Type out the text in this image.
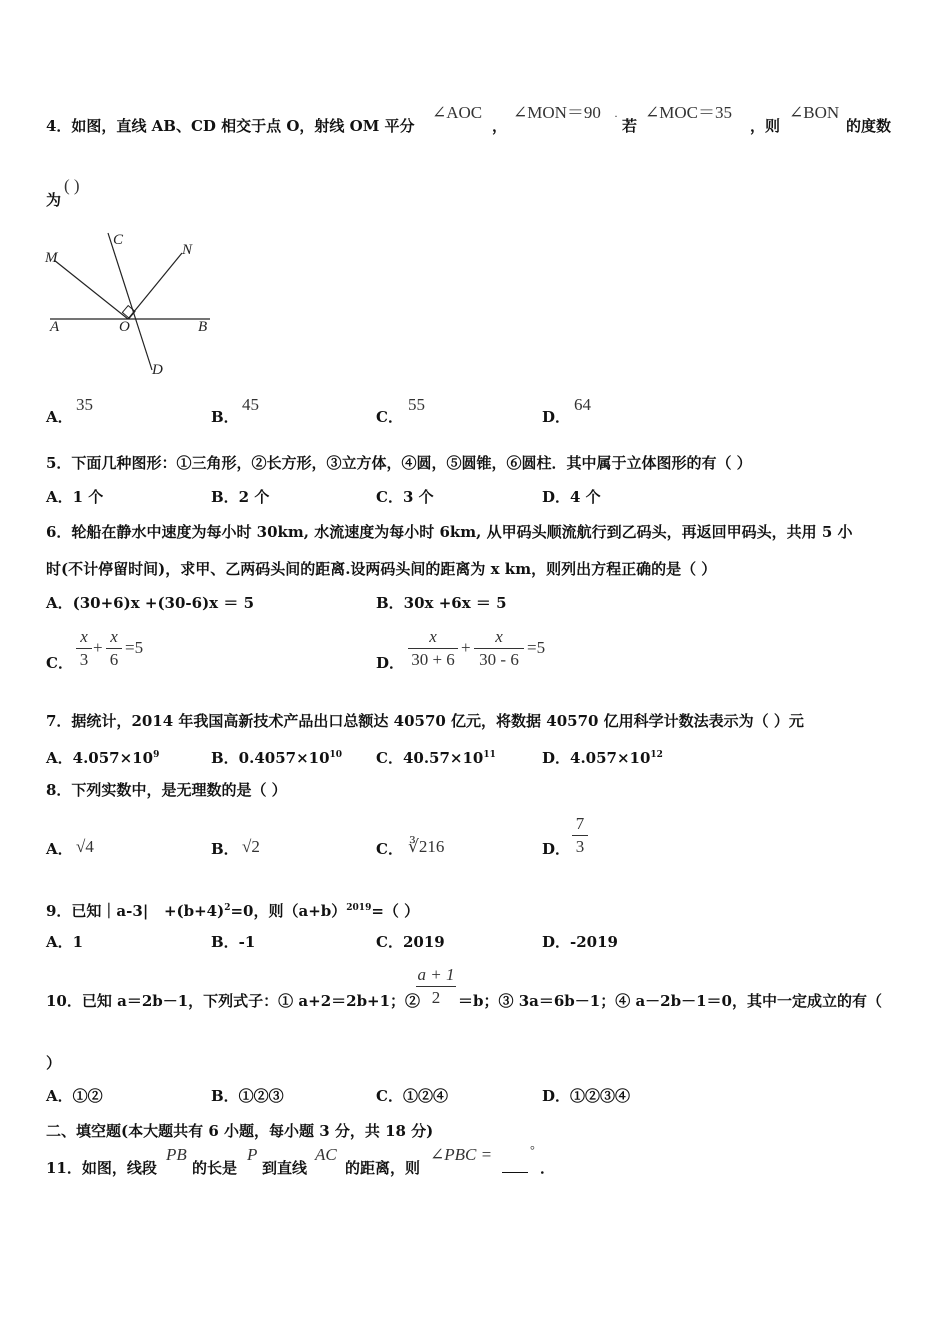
4．如图，直线 AB、CD 相交于点 O，射线 OM 平分
∠AOC
，
∠MON＝90 ·
若
∠MOC＝35
，则
∠BON
的度数
为
( )
M
C
N
A	O	B
D
A．
35
B．
45
C．
55
D．
64
5．下面几种图形：①三角形，②长方形，③立方体，④圆，⑤圆锥，⑥圆柱．其中属于立体图形的有（ ）
A．1 个	B．2 个	C．3 个	D．4 个
6．轮船在静水中速度为每小时 30km, 水流速度为每小时 6km, 从甲码头顺流航行到乙码头，再返回甲码头，共用 5 小
时(不计停留时间)，求甲、乙两码头间的距离.设两码头间的距离为 x km，则列出方程正确的是（ ）
A．(30+6)x +(30-6)x ＝ 5	B．30x +6x ＝ 5
C．
x
3
+
x
6
=5
D．
x
30 + 6
+
x
30 - 6
=5
7．据统计，2014 年我国高新技术产品出口总额达 40570 亿元，将数据 40570 亿用科学计数法表示为（ ）元
A．$4.057\times 10^9$	B．$0.4057\times 10^{10}$ C．$40.57\times 10^{11}$	D．$4.057\times 10^{12}$
8．下列实数中，是无理数的是（ ）
A． √4	B． √2	C． ∛216	D．
7
3
9．已知｜a-3| $+(b+4)^2=0$，则$(a+b)^{2019}=$（ ）
A．1	B．-1	C．2019	D．-2019
10．已知 a＝2b－1，下列式子：① a+2＝2b+1；②
a + 1
2	＝b；③ 3a＝6b－1；④ a－2b－1＝0，其中一定成立的有（
）
A．①②	B．①②③	C．①②④	D．①②③④
二、填空题(本大题共有 6 小题，每小题 3 分，共 18 分)
11．如图，线段
PB
的长是
P
到直线
AC
的距离，则
∠PBC =	°
．
